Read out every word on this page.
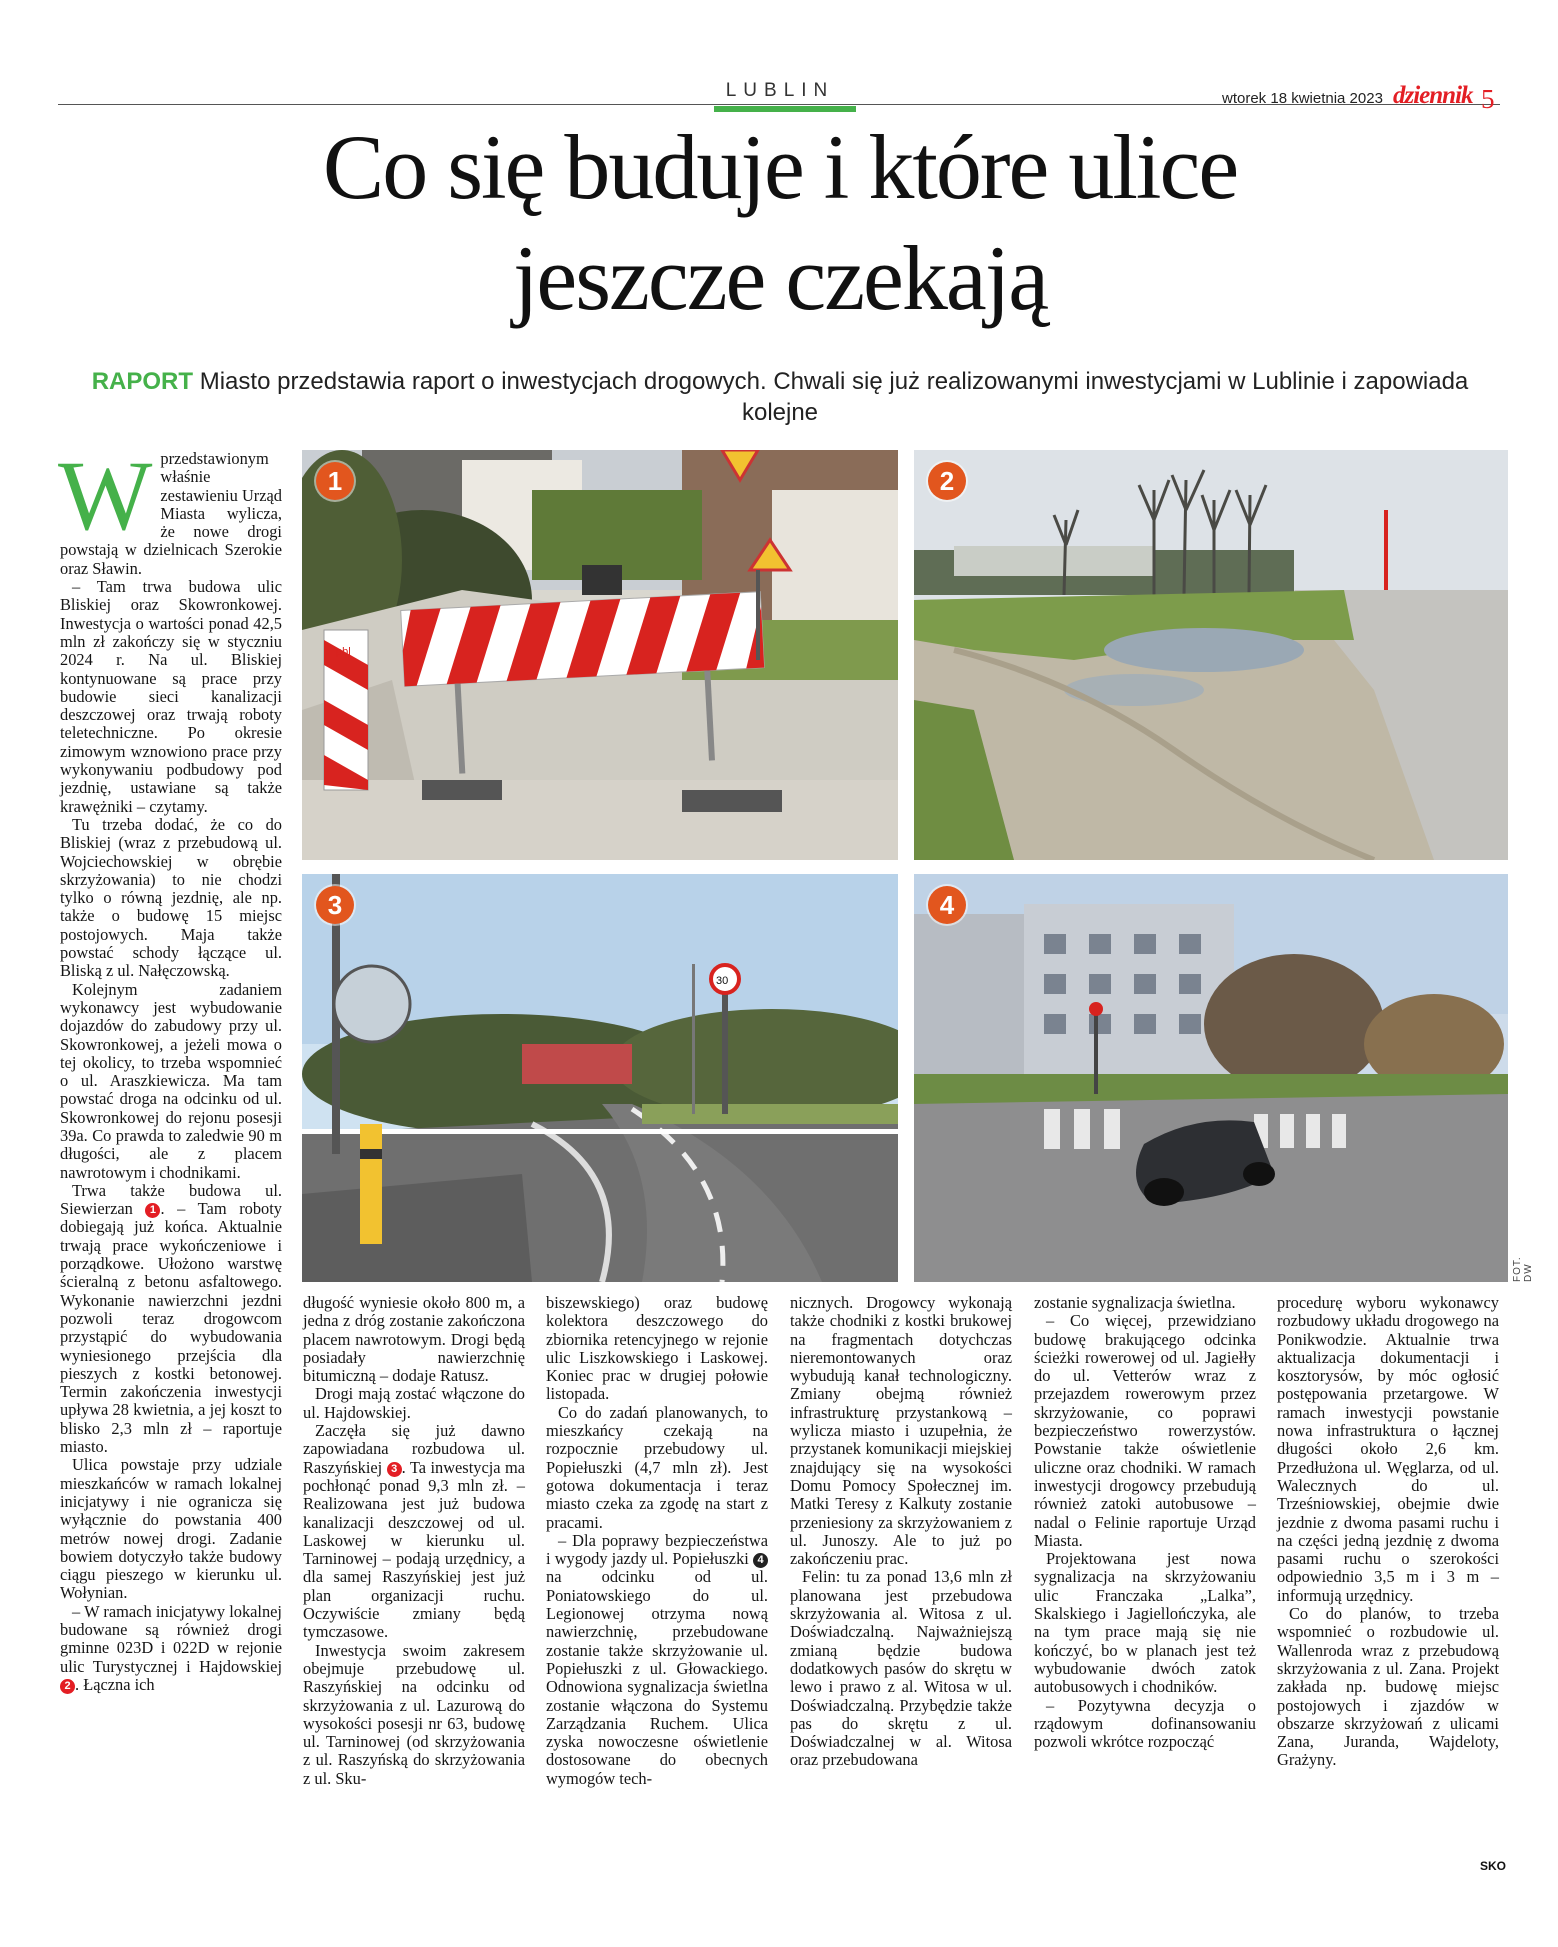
LUBLIN	wtorek 18 kwietnia 2023 dziennik 5
Co się buduje i które ulice
jeszcze czekają
RAPORT Miasto przedstawia raport o inwestycjach drogowych. Chwali się już realizowanymi inwestycjami w Lublinie i zapowiada kolejne
pbl
1	2
30
3	4
FOT. DW
W przedstawionym właśnie zestawieniu Urząd Miasta wylicza, że nowe drogi powstają w dzielnicach Szerokie oraz Sławin.

– Tam trwa budowa ulic Bliskiej oraz Skowronkowej. Inwestycja o wartości ponad 42,5 mln zł zakończy się w styczniu 2024 r. Na ul. Bliskiej kontynuowane są prace przy budowie sieci kanalizacji deszczowej oraz trwają roboty teletechniczne. Po okresie zimowym wznowiono prace przy wykonywaniu podbudowy pod jezdnię, ustawiane są także krawężniki – czytamy.

Tu trzeba dodać, że co do Bliskiej (wraz z przebudową ul. Wojciechowskiej w obrębie skrzyżowania) to nie chodzi tylko o równą jezdnię, ale np. także o budowę 15 miejsc postojowych. Maja także powstać schody łączące ul. Bliską z ul. Nałęczowską.

Kolejnym zadaniem wykonawcy jest wybudowanie dojazdów do zabudowy przy ul. Skowronkowej, a jeżeli mowa o tej okolicy, to trzeba wspomnieć o ul. Araszkiewicza. Ma tam powstać droga na odcinku od ul. Skowronkowej do rejonu posesji 39a. Co prawda to zaledwie 90 m długości, ale z placem nawrotowym i chodnikami.

Trwa także budowa ul. Siewierzan 1 . – Tam roboty dobiegają już końca. Aktualnie trwają prace wykończeniowe i porządkowe. Ułożono warstwę ścieralną z betonu asfaltowego. Wykonanie nawierzchni jezdni pozwoli teraz drogowcom przystąpić do wybudowania wyniesionego przejścia dla pieszych z kostki betonowej. Termin zakończenia inwestycji upływa 28 kwietnia, a jej koszt to blisko 2,3 mln zł – raportuje miasto.

Ulica powstaje przy udziale mieszkańców w ramach lokalnej inicjatywy i nie ogranicza się wyłącznie do powstania 400 metrów nowej drogi. Zadanie bowiem dotyczyło także budowy ciągu pieszego w kierunku ul. Wołynian.

– W ramach inicjatywy lokalnej budowane są również drogi gminne 023D i 022D w rejonie ulic Turystycznej i Hajdowskiej 2 . Łączna ich

długość wyniesie około 800 m, a jedna z dróg zostanie zakończona placem nawrotowym. Drogi będą posiadały nawierzchnię bitumiczną – dodaje Ratusz.

Drogi mają zostać włączone do ul. Hajdowskiej.

Zaczęła się już dawno zapowiadana rozbudowa ul. Raszyńskiej 3 . Ta inwestycja ma pochłonąć ponad 9,3 mln zł. – Realizowana jest już budowa kanalizacji deszczowej od ul. Laskowej w kierunku ul. Tarninowej – podają urzędnicy, a dla samej Raszyńskiej jest już plan organizacji ruchu. Oczywiście zmiany będą tymczasowe.

Inwestycja swoim zakresem obejmuje przebudowę ul. Raszyńskiej na odcinku od skrzyżowania z ul. Lazurową do wysokości posesji nr 63, budowę ul. Tarninowej (od skrzyżowania z ul. Raszyńską do skrzyżowania z ul. Sku-

biszewskiego) oraz budowę kolektora deszczowego do zbiornika retencyjnego w rejonie ulic Liszkowskiego i Laskowej. Koniec prac w drugiej połowie listopada.

Co do zadań planowanych, to mieszkańcy czekają na rozpocznie przebudowy ul. Popiełuszki (4,7 mln zł). Jest gotowa dokumentacja i teraz miasto czeka za zgodę na start z pracami.

– Dla poprawy bezpieczeństwa i wygody jazdy ul. Popiełuszki 4 na odcinku od ul. Poniatowskiego do ul. Legionowej otrzyma nową nawierzchnię, przebudowane zostanie także skrzyżowanie ul. Popiełuszki z ul. Głowackiego. Odnowiona sygnalizacja świetlna zostanie włączona do Systemu Zarządzania Ruchem. Ulica zyska nowoczesne oświetlenie dostosowane do obecnych wymogów tech-

nicznych. Drogowcy wykonają także chodniki z kostki brukowej na fragmentach dotychczas nieremontowanych oraz wybudują kanał technologiczny. Zmiany obejmą również infrastrukturę przystankową – wylicza miasto i uzupełnia, że przystanek komunikacji miejskiej znajdujący się na wysokości Domu Pomocy Społecznej im. Matki Teresy z Kalkuty zostanie przeniesiony za skrzyżowaniem z ul. Junoszy. Ale to już po zakończeniu prac.

Felin: tu za ponad 13,6 mln zł planowana jest przebudowa skrzyżowania al. Witosa z ul. Doświadczalną. Najważniejszą zmianą będzie budowa dodatkowych pasów do skrętu w lewo i prawo z al. Witosa w ul. Doświadczalną. Przybędzie także pas do skrętu z ul. Doświadczalnej w al. Witosa oraz przebudowana

zostanie sygnalizacja świetlna.

– Co więcej, przewidziano budowę brakującego odcinka ścieżki rowerowej od ul. Jagiełły do ul. Vetterów wraz z przejazdem rowerowym przez skrzyżowanie, co poprawi bezpieczeństwo rowerzystów. Powstanie także oświetlenie uliczne oraz chodniki. W ramach inwestycji drogowcy przebudują również zatoki autobusowe – nadal o Felinie raportuje Urząd Miasta.

Projektowana jest nowa sygnalizacja na skrzyżowaniu ulic Franczaka „Lalka”, Skalskiego i Jagiellończyka, ale na tym prace mają się nie kończyć, bo w planach jest też wybudowanie dwóch zatok autobusowych i chodników.

– Pozytywna decyzja o rządowym dofinansowaniu pozwoli wkrótce rozpocząć

procedurę wyboru wykonawcy rozbudowy układu drogowego na Ponikwodzie. Aktualnie trwa aktualizacja dokumentacji i kosztorysów, by móc ogłosić postępowania przetargowe. W ramach inwestycji powstanie nowa infrastruktura o łącznej długości około 2,6 km. Przedłużona ul. Węglarza, od ul. Walecznych do ul. Trześniowskiej, obejmie dwie jezdnie z dwoma pasami ruchu i na części jedną jezdnię z dwoma pasami ruchu o szerokości odpowiednio 3,5 m i 3 m – informują urzędnicy.

Co do planów, to trzeba wspomnieć o rozbudowie ul. Wallenroda wraz z przebudową skrzyżowania z ul. Zana. Projekt zakłada np. budowę miejsc postojowych i zjazdów w obszarze skrzyżowań z ulicami Zana, Juranda, Wajdeloty, Grażyny.

SKO
